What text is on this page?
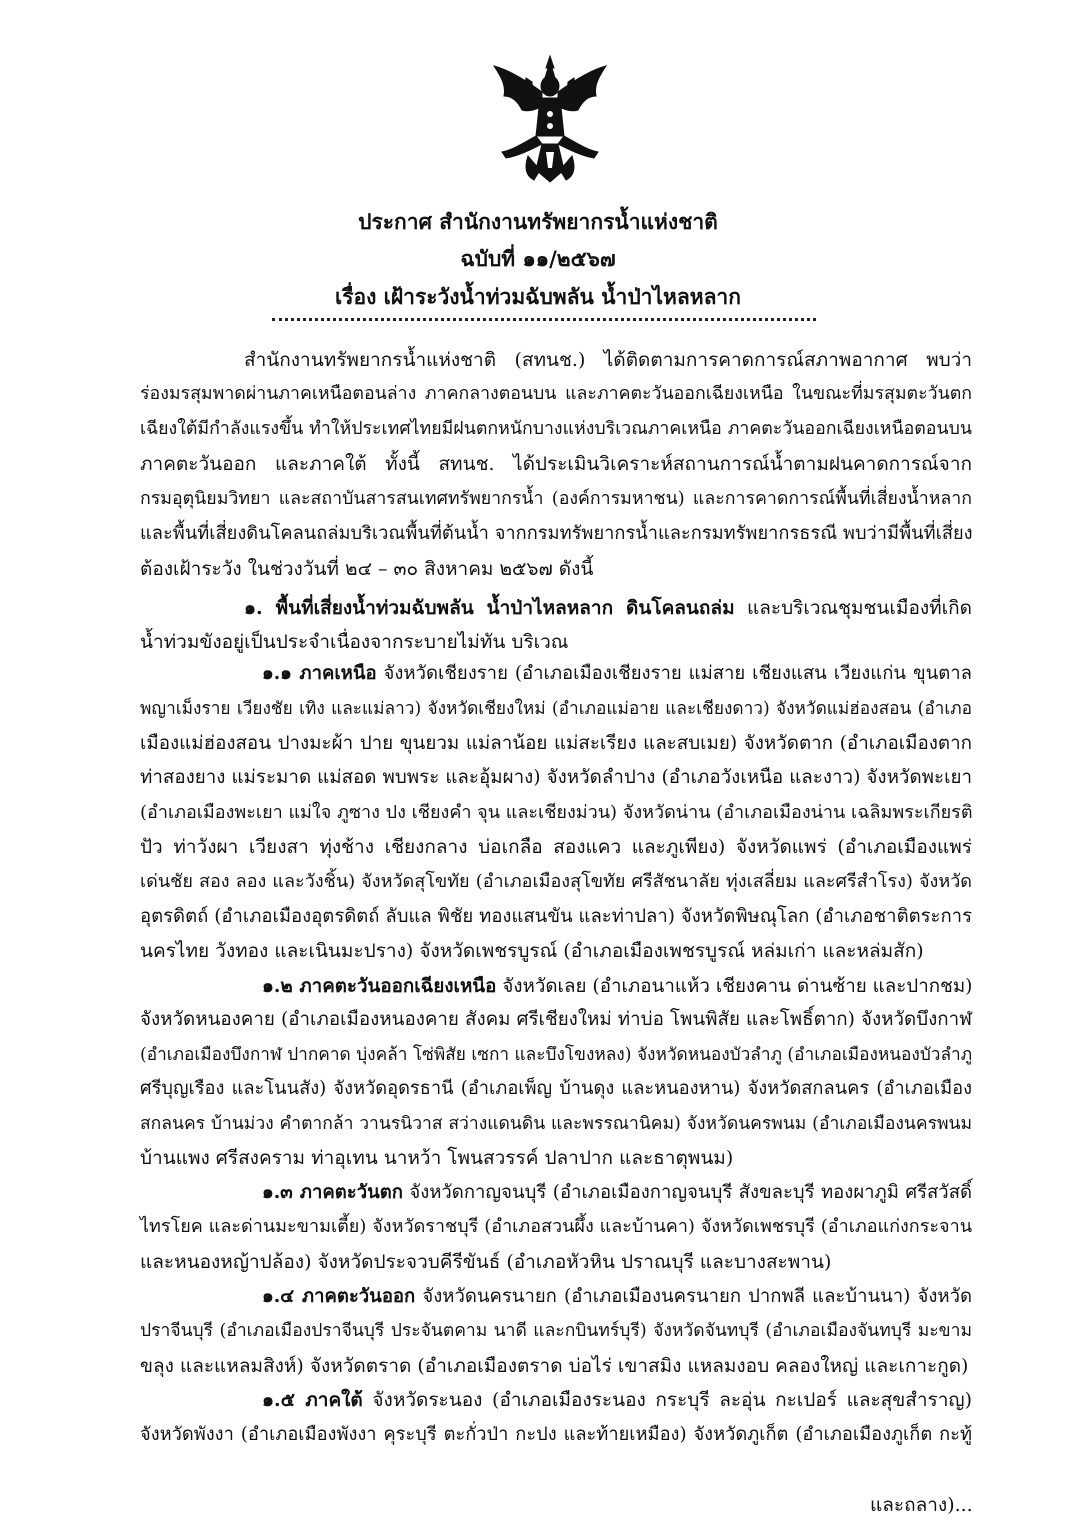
ประกาศ สำนักงานทรัพยากรน้ำแห่งชาติ
ฉบับที่ ๑๑/๒๕๖๗
เรื่อง เฝ้าระวังน้ำท่วมฉับพลัน น้ำป่าไหลหลาก
สำนักงานทรัพยากรน้ำแห่งชาติ (สทนช.) ได้ติดตามการคาดการณ์สภาพอากาศ พบว่า
ร่องมรสุมพาดผ่านภาคเหนือตอนล่าง ภาคกลางตอนบน และภาคตะวันออกเฉียงเหนือ ในขณะที่มรสุมตะวันตก
เฉียงใต้มีกำลังแรงขึ้น ทำให้ประเทศไทยมีฝนตกหนักบางแห่งบริเวณภาคเหนือ ภาคตะวันออกเฉียงเหนือตอนบน
ภาคตะวันออก และภาคใต้ ทั้งนี้ สทนช. ได้ประเมินวิเคราะห์สถานการณ์น้ำตามฝนคาดการณ์จาก
กรมอุตุนิยมวิทยา และสถาบันสารสนเทศทรัพยากรน้ำ (องค์การมหาชน) และการคาดการณ์พื้นที่เสี่ยงน้ำหลาก
และพื้นที่เสี่ยงดินโคลนถล่มบริเวณพื้นที่ต้นน้ำ จากกรมทรัพยากรน้ำและกรมทรัพยากรธรณี พบว่ามีพื้นที่เสี่ยง
ต้องเฝ้าระวัง ในช่วงวันที่ ๒๔ – ๓๐ สิงหาคม ๒๕๖๗ ดังนี้
๑. พื้นที่เสี่ยงน้ำท่วมฉับพลัน น้ำป่าไหลหลาก ดินโคลนถล่ม และบริเวณชุมชนเมืองที่เกิด
น้ำท่วมขังอยู่เป็นประจำเนื่องจากระบายไม่ทัน บริเวณ
๑.๑ ภาคเหนือ จังหวัดเชียงราย (อำเภอเมืองเชียงราย แม่สาย เชียงแสน เวียงแก่น ขุนตาล
พญาเม็งราย เวียงชัย เทิง และแม่ลาว) จังหวัดเชียงใหม่ (อำเภอแม่อาย และเชียงดาว) จังหวัดแม่ฮ่องสอน (อำเภอ
เมืองแม่ฮ่องสอน ปางมะผ้า ปาย ขุนยวม แม่ลาน้อย แม่สะเรียง และสบเมย) จังหวัดตาก (อำเภอเมืองตาก
ท่าสองยาง แม่ระมาด แม่สอด พบพระ และอุ้มผาง) จังหวัดลำปาง (อำเภอวังเหนือ และงาว) จังหวัดพะเยา
(อำเภอเมืองพะเยา แม่ใจ ภูซาง ปง เชียงคำ จุน และเชียงม่วน) จังหวัดน่าน (อำเภอเมืองน่าน เฉลิมพระเกียรติ
ปัว ท่าวังผา เวียงสา ทุ่งช้าง เชียงกลาง บ่อเกลือ สองแคว และภูเพียง) จังหวัดแพร่ (อำเภอเมืองแพร่
เด่นชัย สอง ลอง และวังชิ้น) จังหวัดสุโขทัย (อำเภอเมืองสุโขทัย ศรีสัชนาลัย ทุ่งเสลี่ยม และศรีสำโรง) จังหวัด
อุตรดิตถ์ (อำเภอเมืองอุตรดิตถ์ ลับแล พิชัย ทองแสนขัน และท่าปลา) จังหวัดพิษณุโลก (อำเภอชาติตระการ
นครไทย วังทอง และเนินมะปราง) จังหวัดเพชรบูรณ์ (อำเภอเมืองเพชรบูรณ์ หล่มเก่า และหล่มสัก)
๑.๒ ภาคตะวันออกเฉียงเหนือ จังหวัดเลย (อำเภอนาแห้ว เชียงคาน ด่านซ้าย และปากชม)
จังหวัดหนองคาย (อำเภอเมืองหนองคาย สังคม ศรีเชียงใหม่ ท่าบ่อ โพนพิสัย และโพธิ์ตาก) จังหวัดบึงกาฬ
(อำเภอเมืองบึงกาฬ ปากคาด บุ่งคล้า โซ่พิสัย เซกา และบึงโขงหลง) จังหวัดหนองบัวลำภู (อำเภอเมืองหนองบัวลำภู
ศรีบุญเรือง และโนนสัง) จังหวัดอุดรธานี (อำเภอเพ็ญ บ้านดุง และหนองหาน) จังหวัดสกลนคร (อำเภอเมือง
สกลนคร บ้านม่วง คำตากล้า วานรนิวาส สว่างแดนดิน และพรรณานิคม) จังหวัดนครพนม (อำเภอเมืองนครพนม
บ้านแพง ศรีสงคราม ท่าอุเทน นาหว้า โพนสวรรค์ ปลาปาก และธาตุพนม)
๑.๓ ภาคตะวันตก จังหวัดกาญจนบุรี (อำเภอเมืองกาญจนบุรี สังขละบุรี ทองผาภูมิ ศรีสวัสดิ์
ไทรโยค และด่านมะขามเตี้ย) จังหวัดราชบุรี (อำเภอสวนผึ้ง และบ้านคา) จังหวัดเพชรบุรี (อำเภอแก่งกระจาน
และหนองหญ้าปล้อง) จังหวัดประจวบคีรีขันธ์ (อำเภอหัวหิน ปราณบุรี และบางสะพาน)
๑.๔ ภาคตะวันออก จังหวัดนครนายก (อำเภอเมืองนครนายก ปากพลี และบ้านนา) จังหวัด
ปราจีนบุรี (อำเภอเมืองปราจีนบุรี ประจันตคาม นาดี และกบินทร์บุรี) จังหวัดจันทบุรี (อำเภอเมืองจันทบุรี มะขาม
ขลุง และแหลมสิงห์) จังหวัดตราด (อำเภอเมืองตราด บ่อไร่ เขาสมิง แหลมงอบ คลองใหญ่ และเกาะกูด)
๑.๕ ภาคใต้ จังหวัดระนอง (อำเภอเมืองระนอง กระบุรี ละอุ่น กะเปอร์ และสุขสำราญ)
จังหวัดพังงา (อำเภอเมืองพังงา คุระบุรี ตะกั่วป่า กะปง และท้ายเหมือง) จังหวัดภูเก็ต (อำเภอเมืองภูเก็ต กะทู้
และถลาง)...
